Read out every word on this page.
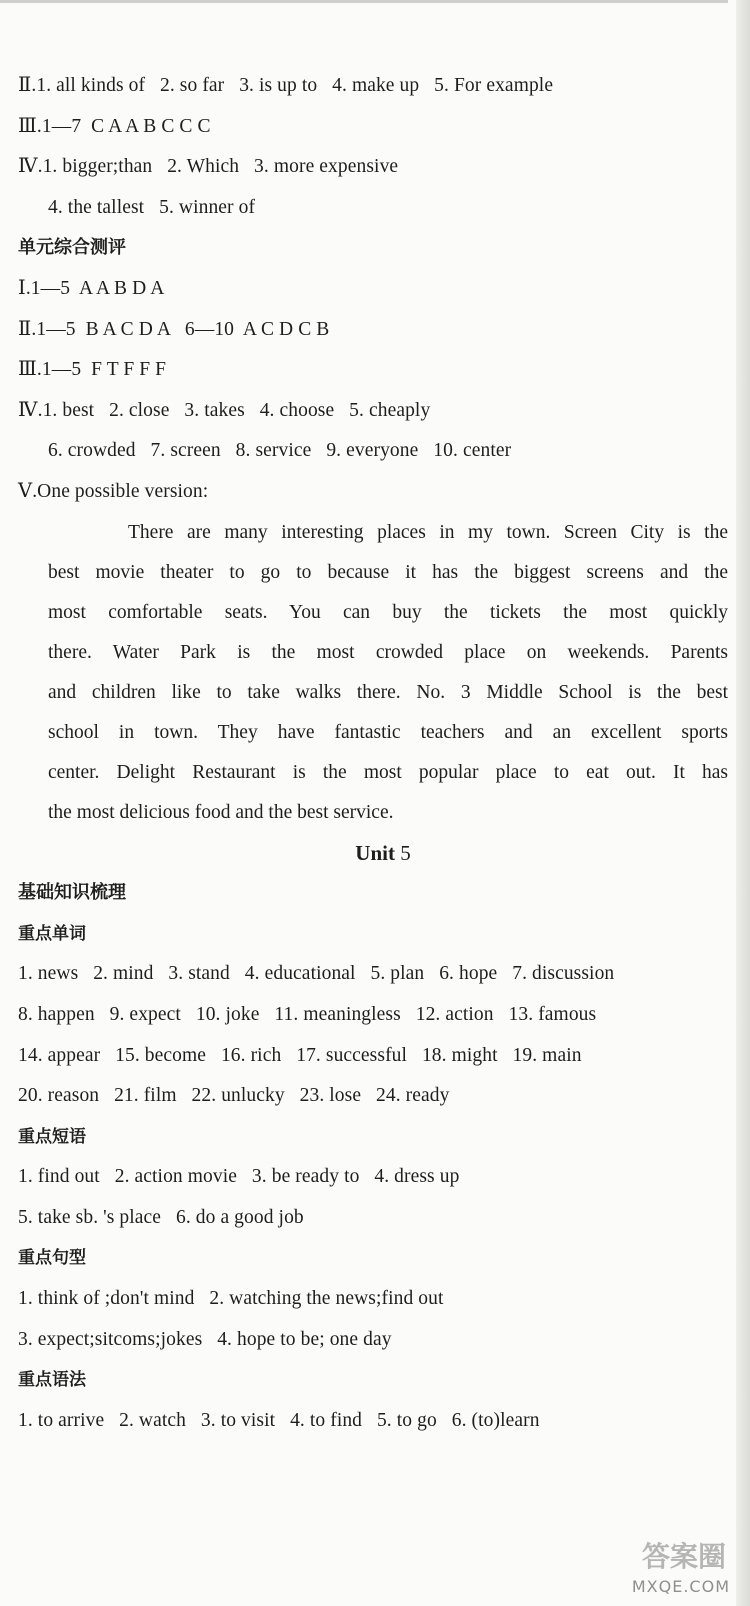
Ⅱ.1. all kinds of   2. so far   3. is up to   4. make up   5. For example
Ⅲ.1—7  C A A B C C C
Ⅳ.1. bigger;than   2. Which   3. more expensive
4. the tallest   5. winner of
单元综合测评
Ⅰ.1—5  A A B D A
Ⅱ.1—5  B A C D A   6—10  A C D C B
Ⅲ.1—5  F T F F F
Ⅳ.1. best   2. close   3. takes   4. choose   5. cheaply
6. crowded   7. screen   8. service   9. everyone   10. center
Ⅴ.One possible version:
There are many interesting places in my town. Screen City is the
best movie theater to go to because it has the biggest screens and the
most comfortable seats. You can buy the tickets the most quickly
there. Water Park is the most crowded place on weekends. Parents
and children like to take walks there. No. 3 Middle School is the best
school in town. They have fantastic teachers and an excellent sports
center. Delight Restaurant is the most popular place to eat out. It has
the most delicious food and the best service.
Unit 5
基础知识梳理
重点单词
1. news   2. mind   3. stand   4. educational   5. plan   6. hope   7. discussion
8. happen   9. expect   10. joke   11. meaningless   12. action   13. famous
14. appear   15. become   16. rich   17. successful   18. might   19. main
20. reason   21. film   22. unlucky   23. lose   24. ready
重点短语
1. find out   2. action movie   3. be ready to   4. dress up
5. take sb. 's place   6. do a good job
重点句型
1. think of ;don't mind   2. watching the news;find out
3. expect;sitcoms;jokes   4. hope to be; one day
重点语法
1. to arrive   2. watch   3. to visit   4. to find   5. to go   6. (to)learn
答案圈
MXQE.COM
